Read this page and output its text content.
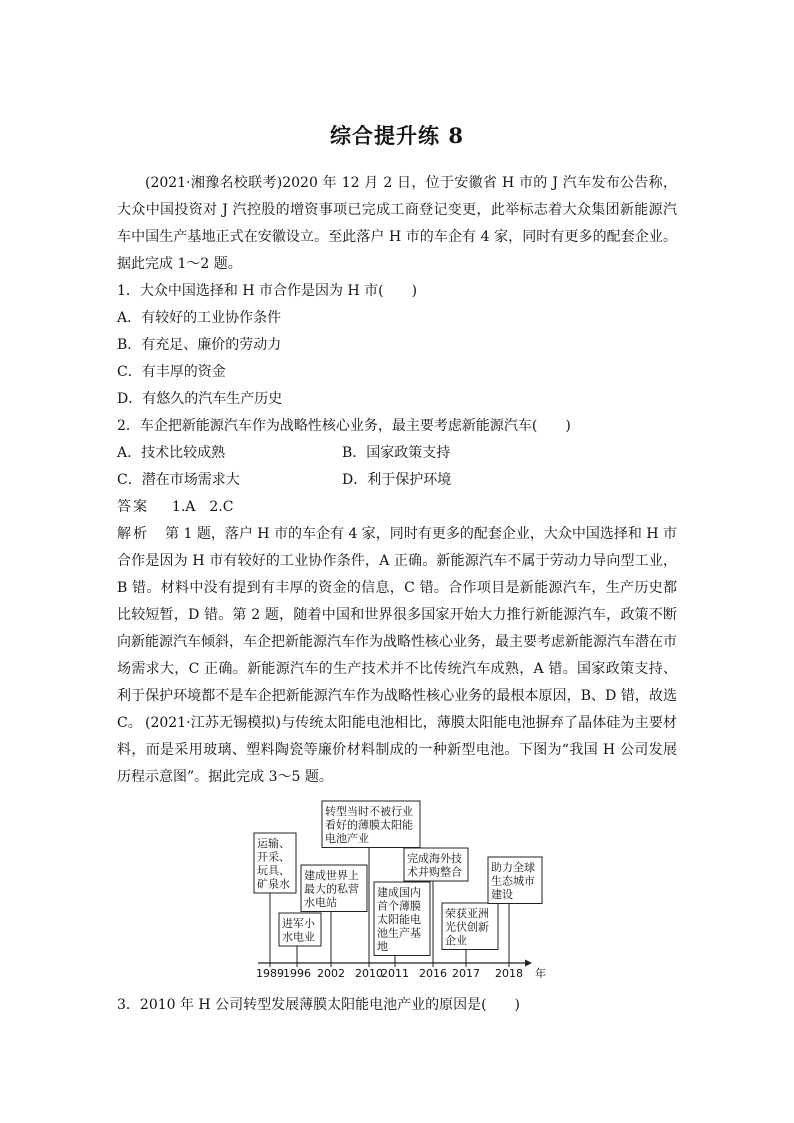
综合提升练 8

(2021·湘豫名校联考)2020 年 12 月 2 日，位于安徽省 H 市的 J 汽车发布公告称，大众中国投资对 J 汽控股的增资事项已完成工商登记变更，此举标志着大众集团新能源汽车中国生产基地正式在安徽设立。至此落户 H 市的车企有 4 家，同时有更多的配套企业。据此完成 1～2 题。

1．大众中国选择和 H 市合作是因为 H 市(　　)
A．有较好的工业协作条件
B．有充足、廉价的劳动力
C．有丰厚的资金
D．有悠久的汽车生产历史
2．车企把新能源汽车作为战略性核心业务，最主要考虑新能源汽车(　　)
A．技术比较成熟	B．国家政策支持
C．潜在市场需求大	D．利于保护环境
答案 1.A　2.C

解析 第 1 题，落户 H 市的车企有 4 家，同时有更多的配套企业，大众中国选择和 H 市合作是因为 H 市有较好的工业协作条件，A 正确。新能源汽车不属于劳动力导向型工业，B 错。材料中没有提到有丰厚的资金的信息，C 错。合作项目是新能源汽车，生产历史都比较短暂，D 错。第 2 题，随着中国和世界很多国家开始大力推行新能源汽车，政策不断向新能源汽车倾斜，车企把新能源汽车作为战略性核心业务，最主要考虑新能源汽车潜在市场需求大，C 正确。新能源汽车的生产技术并不比传统汽车成熟，A 错。国家政策支持、利于保护环境都不是车企把新能源汽车作为战略性核心业务的最根本原因，B、D 错，故选 C。 (2021·江苏无锡模拟)与传统太阳能电池相比，薄膜太阳能电池摒弃了晶体硅为主要材料，而是采用玻璃、塑料陶瓷等廉价材料制成的一种新型电池。下图为“我国 H 公司发展历程示意图”。据此完成 3～5 题。

年
运输、
开采、
玩具、
矿泉水
进军小
水电业
建成世界上
最大的私营
水电站
转型当时不被行业
看好的薄膜太阳能
电池产业
建成国内
首个薄膜
太阳能电
池生产基
地
完成海外技
术并购整合
荣获亚洲
光伏创新
企业
助力全球
生态城市
建设
1989 1996 2002 2010
2011 2016 2017 2018
3．2010 年 H 公司转型发展薄膜太阳能电池产业的原因是(　　)
